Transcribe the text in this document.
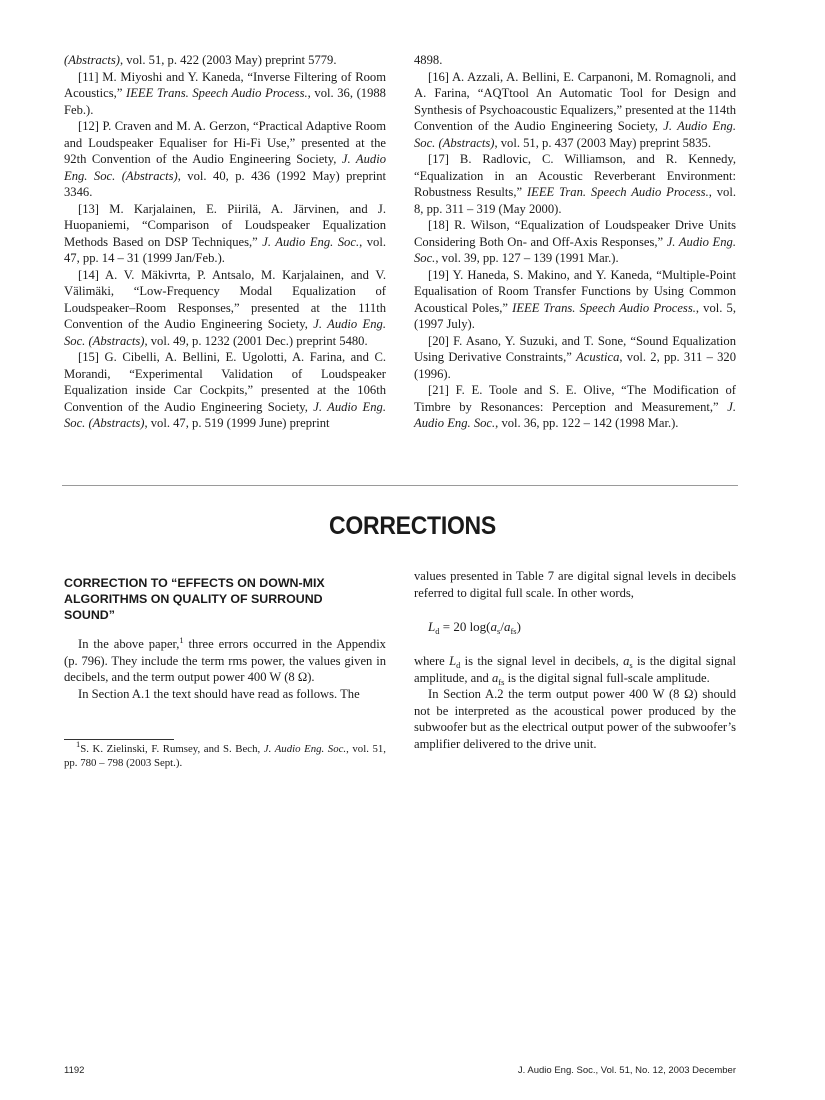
(Abstracts), vol. 51, p. 422 (2003 May) preprint 5779.

[11] M. Miyoshi and Y. Kaneda, “Inverse Filtering of Room Acoustics,” IEEE Trans. Speech Audio Process., vol. 36, (1988 Feb.).

[12] P. Craven and M. A. Gerzon, “Practical Adaptive Room and Loudspeaker Equaliser for Hi-Fi Use,” presented at the 92th Convention of the Audio Engineering Society, J. Audio Eng. Soc. (Abstracts), vol. 40, p. 436 (1992 May) preprint 3346.

[13] M. Karjalainen, E. Piirilä, A. Järvinen, and J. Huopaniemi, “Comparison of Loudspeaker Equalization Methods Based on DSP Techniques,” J. Audio Eng. Soc., vol. 47, pp. 14 – 31 (1999 Jan/Feb.).

[14] A. V. Mäkivrta, P. Antsalo, M. Karjalainen, and V. Välimäki, “Low-Frequency Modal Equalization of Loudspeaker–Room Responses,” presented at the 111th Convention of the Audio Engineering Society, J. Audio Eng. Soc. (Abstracts), vol. 49, p. 1232 (2001 Dec.) preprint 5480.

[15] G. Cibelli, A. Bellini, E. Ugolotti, A. Farina, and C. Morandi, “Experimental Validation of Loudspeaker Equalization inside Car Cockpits,” presented at the 106th Convention of the Audio Engineering Society, J. Audio Eng. Soc. (Abstracts), vol. 47, p. 519 (1999 June) preprint

4898.

[16] A. Azzali, A. Bellini, E. Carpanoni, M. Romagnoli, and A. Farina, “AQTtool An Automatic Tool for Design and Synthesis of Psychoacoustic Equalizers,” presented at the 114th Convention of the Audio Engineering Society, J. Audio Eng. Soc. (Abstracts), vol. 51, p. 437 (2003 May) preprint 5835.

[17] B. Radlovic, C. Williamson, and R. Kennedy, “Equalization in an Acoustic Reverberant Environment: Robustness Results,” IEEE Tran. Speech Audio Process., vol. 8, pp. 311 – 319 (May 2000).

[18] R. Wilson, “Equalization of Loudspeaker Drive Units Considering Both On- and Off-Axis Responses,” J. Audio Eng. Soc., vol. 39, pp. 127 – 139 (1991 Mar.).

[19] Y. Haneda, S. Makino, and Y. Kaneda, “Multiple-Point Equalisation of Room Transfer Functions by Using Common Acoustical Poles,” IEEE Trans. Speech Audio Process., vol. 5, (1997 July).

[20] F. Asano, Y. Suzuki, and T. Sone, “Sound Equalization Using Derivative Constraints,” Acustica, vol. 2, pp. 311 – 320 (1996).

[21] F. E. Toole and S. E. Olive, “The Modification of Timbre by Resonances: Perception and Measurement,” J. Audio Eng. Soc., vol. 36, pp. 122 – 142 (1998 Mar.).

CORRECTIONS
CORRECTION TO “EFFECTS ON DOWN-MIX ALGORITHMS ON QUALITY OF SURROUND SOUND”

In the above paper,$^1$ three errors occurred in the Appendix (p. 796). They include the term rms power, the values given in decibels, and the term output power 400 W (8 Ω).

In Section A.1 the text should have read as follows. The

$^1$S. K. Zielinski, F. Rumsey, and S. Bech, J. Audio Eng. Soc., vol. 51, pp. 780 – 798 (2003 Sept.).

values presented in Table 7 are digital signal levels in decibels referred to digital full scale. In other words,

where $L_d$ is the signal level in decibels, $a_s$ is the digital signal amplitude, and $a_{fs}$ is the digital signal full-scale amplitude.

In Section A.2 the term output power 400 W (8 Ω) should not be interpreted as the acoustical power produced by the subwoofer but as the electrical output power of the subwoofer’s amplifier delivered to the drive unit.

$L_d = 20$ $\log(a_s/a_{fs})$
1192	J. Audio Eng. Soc., Vol. 51, No. 12, 2003 December
